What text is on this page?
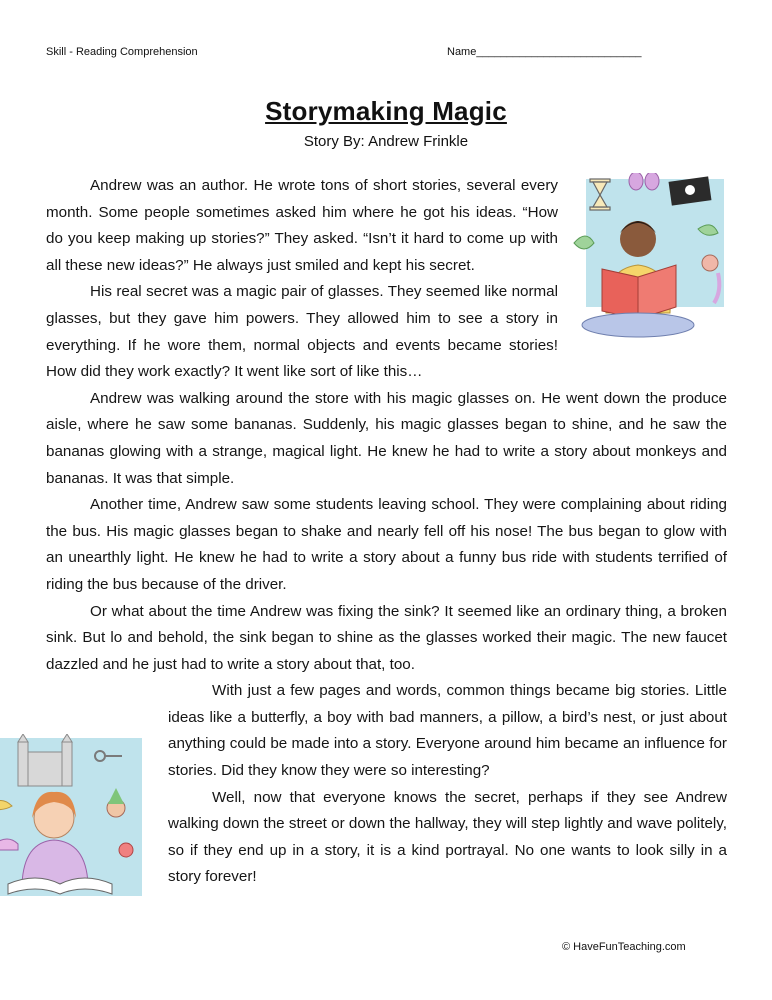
Skill - Reading Comprehension	Name___________________________
Storymaking Magic
Story By: Andrew Frinkle

Andrew was an author. He wrote tons of short stories, several every month. Some people sometimes asked him where he got his ideas. “How do you keep making up stories?” They asked. “Isn’t it hard to come up with all these new ideas?” He always just smiled and kept his secret.

His real secret was a magic pair of glasses. They seemed like normal glasses, but they gave him powers. They allowed him to see a story in everything. If he wore them, normal objects and events became stories! How did they work exactly? It went like sort of like this…

Andrew was walking around the store with his magic glasses on. He went down the produce aisle, where he saw some bananas. Suddenly, his magic glasses began to shine, and he saw the bananas glowing with a strange, magical light. He knew he had to write a story about monkeys and bananas. It was that simple.

Another time, Andrew saw some students leaving school. They were complaining about riding the bus. His magic glasses began to shake and nearly fell off his nose! The bus began to glow with an unearthly light. He knew he had to write a story about a funny bus ride with students terrified of riding the bus because of the driver.

Or what about the time Andrew was fixing the sink? It seemed like an ordinary thing, a broken sink. But lo and behold, the sink began to shine as the glasses worked their magic. The new faucet dazzled and he just had to write a story about that, too.

With just a few pages and words, common things became big stories. Little ideas like a butterfly, a boy with bad manners, a pillow, a bird’s nest, or just about anything could be made into a story. Everyone around him became an influence for stories. Did they know they were so interesting?

Well, now that everyone knows the secret, perhaps if they see Andrew walking down the street or down the hallway, they will step lightly and wave politely, so if they end up in a story, it is a kind portrayal. No one wants to look silly in a story forever!

© HaveFunTeaching.com
